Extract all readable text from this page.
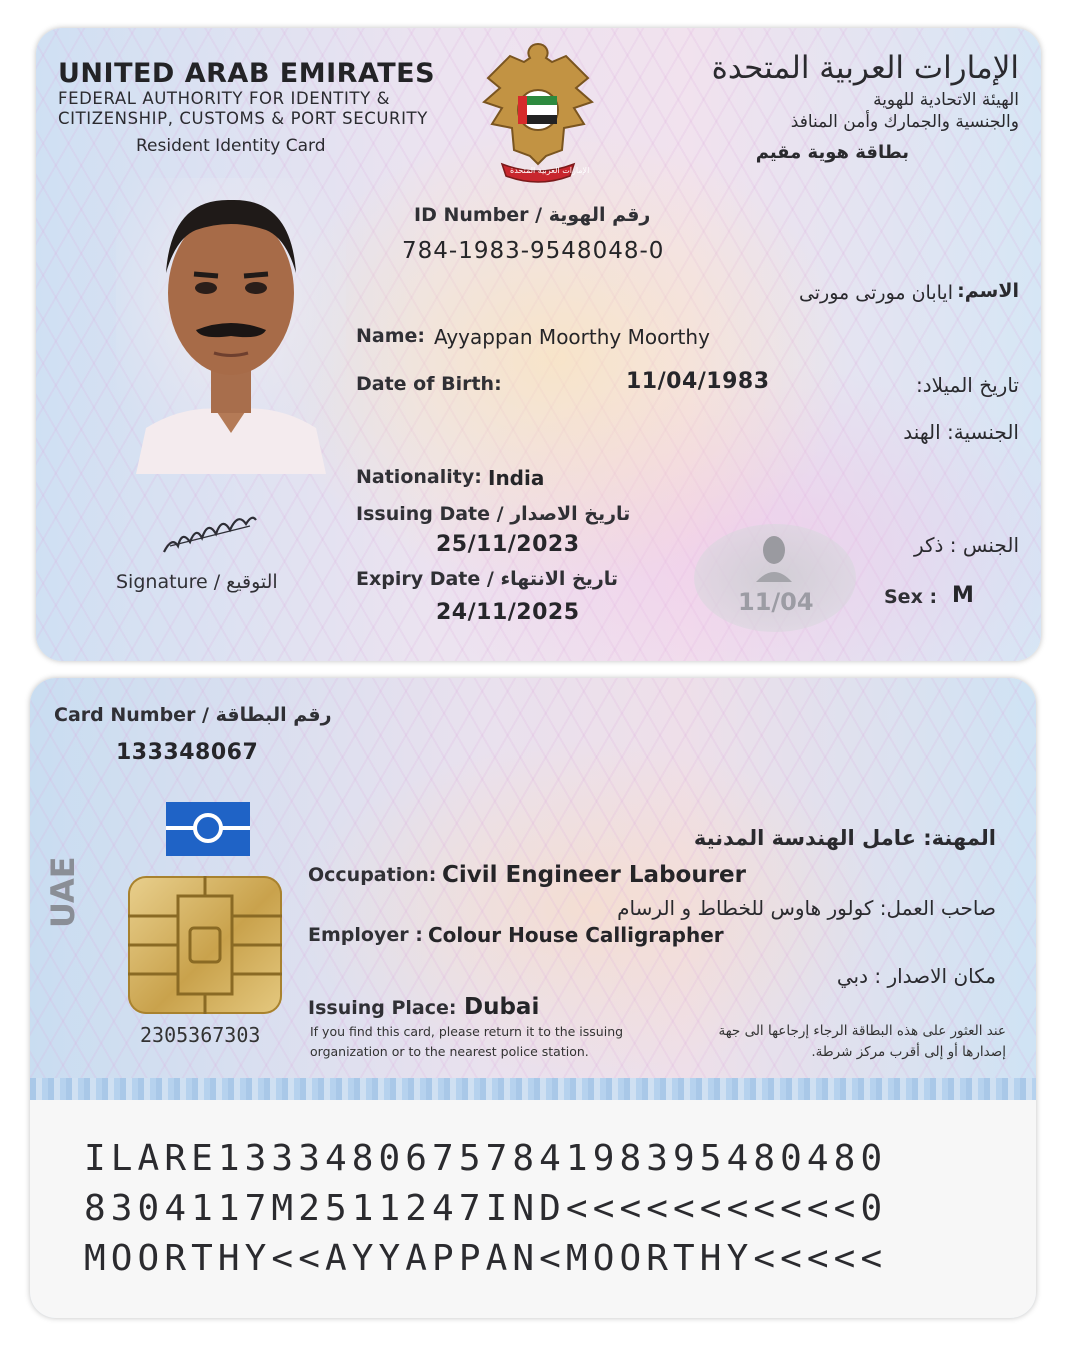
UNITED ARAB EMIRATES
FEDERAL AUTHORITY FOR IDENTITY &
CITIZENSHIP, CUSTOMS & PORT SECURITY
Resident Identity Card
الإمارات العربية المتحدة
الإمارات العربية المتحدة
الهيئة الاتحادية للهوية
والجنسية والجمارك وأمن المنافذ
بطاقة هوية مقيم
ID Number / رقم الهوية
784-1983-9548048-0
الاسم:
ايابان مورتى مورتى
Name: Ayyappan Moorthy Moorthy
Date of Birth:	11/04/1983	تاريخ الميلاد:
الجنسية: الهند
Nationality: India
Issuing Date / تاريخ الاصدار
25/11/2023
Expiry Date / تاريخ الانتهاء
24/11/2025
Signature / التوقيع
11/04
الجنس : ذكر
Sex : M
Card Number / رقم البطاقة
133348067
UAE
2305367303
المهنة: عامل الهندسة المدنية
Occupation: Civil Engineer Labourer
صاحب العمل: كولور هاوس للخطاط و الرسام
Employer : Colour House Calligrapher
مكان الاصدار : دبي
Issuing Place: Dubai
If you find this card, please return it to the issuing
organization or to the nearest police station.
عند العثور على هذه البطاقة الرجاء إرجاعها الى جهة
إصدارها أو إلى أقرب مركز شرطة.
ILARE1333480675784198395480480
8304117M2511247IND<<<<<<<<<<<0
MOORTHY<<AYYAPPAN<MOORTHY<<<<<
